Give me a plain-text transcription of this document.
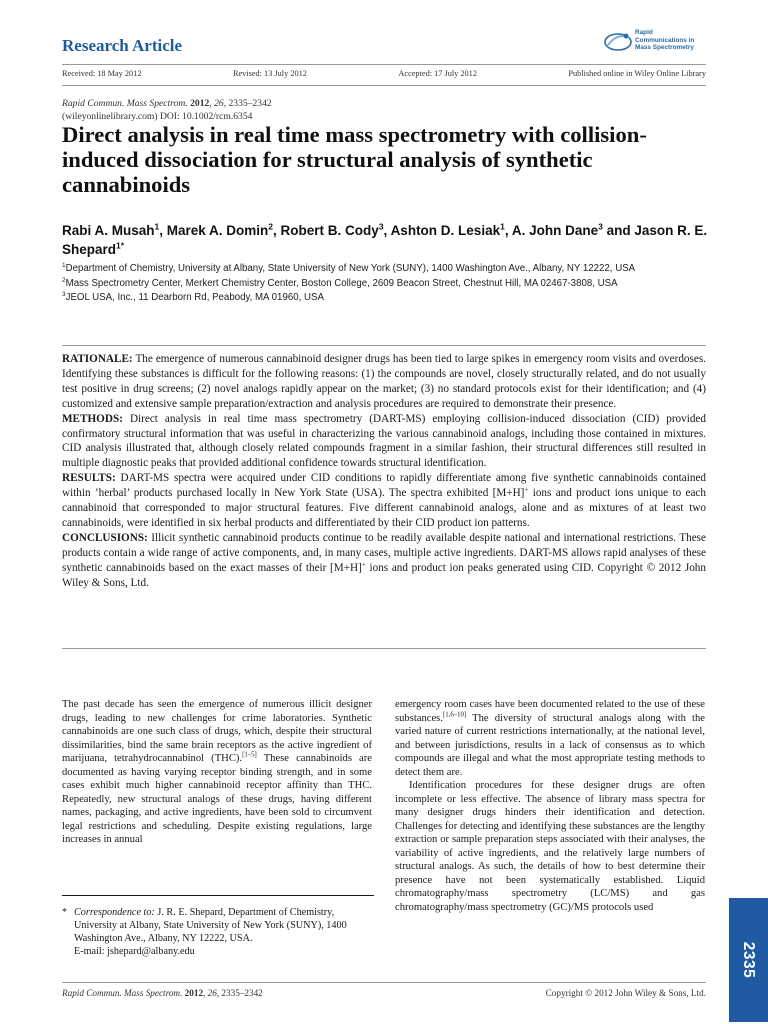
Research Article
Rapid
Communications in
Mass Spectrometry
Received: 18 May 2012	Revised: 13 July 2012	Accepted: 17 July 2012	Published online in Wiley Online Library
Rapid Commun. Mass Spectrom. 2012, 26, 2335–2342
(wileyonlinelibrary.com) DOI: 10.1002/rcm.6354
Direct analysis in real time mass spectrometry with collision-induced dissociation for structural analysis of synthetic cannabinoids
Rabi A. Musah$^1$, Marek A. Domin$^2$, Robert B. Cody$^3$, Ashton D. Lesiak$^1$, A. John Dane$^3$ and Jason R. E. Shepard$^{1*}$
$^1$Department of Chemistry, University at Albany, State University of New York (SUNY), 1400 Washington Ave., Albany, NY 12222, USA
$^2$Mass Spectrometry Center, Merkert Chemistry Center, Boston College, 2609 Beacon Street, Chestnut Hill, MA 02467-3808, USA
$^3$JEOL USA, Inc., 11 Dearborn Rd, Peabody, MA 01960, USA

RATIONALE: The emergence of numerous cannabinoid designer drugs has been tied to large spikes in emergency room visits and overdoses. Identifying these substances is difficult for the following reasons: (1) the compounds are novel, closely structurally related, and do not usually test positive in drug screens; (2) novel analogs rapidly appear on the market; (3) no standard protocols exist for their identification; and (4) customized and extensive sample preparation/extraction and analysis procedures are required to demonstrate their presence.

METHODS: Direct analysis in real time mass spectrometry (DART-MS) employing collision-induced dissociation (CID) provided confirmatory structural information that was useful in characterizing the various cannabinoid analogs, including those contained in mixtures. CID analysis illustrated that, although closely related compounds fragment in a similar fashion, their structural differences still resulted in multiple diagnostic peaks that provided additional confidence towards structural identification.

RESULTS: DART-MS spectra were acquired under CID conditions to rapidly differentiate among five synthetic cannabinoids contained within ’herbal’ products purchased locally in New York State (USA). The spectra exhibited [M+H]+ ions and product ions unique to each cannabinoid that corresponded to major structural features. Five different cannabinoid analogs, alone and as mixtures of at least two cannabinoids, were identified in six herbal products and differentiated by their CID product ion patterns.

CONCLUSIONS: Illicit synthetic cannabinoid products continue to be readily available despite national and international restrictions. These products contain a wide range of active components, and, in many cases, multiple active ingredients. DART-MS allows rapid analyses of these synthetic cannabinoids based on the exact masses of their [M+H]+ ions and product ion peaks generated using CID. Copyright © 2012 John Wiley & Sons, Ltd.

The past decade has seen the emergence of numerous illicit designer drugs, leading to new challenges for crime laboratories. Synthetic cannabinoids are one such class of drugs, which, despite their structural dissimilarities, bind the same brain receptors as the active ingredient of marijuana, tetrahydrocannabinol (THC).[1–5] These cannabinoids are documented as having varying receptor binding strength, and in some cases exhibit much higher cannabinoid receptor affinity than THC. Repeatedly, new structural analogs of these drugs, having different names, packaging, and active ingredients, have been sold to circumvent legal restrictions and scheduling. Despite existing regulations, large increases in annual

emergency room cases have been documented related to the use of these substances.[1,6–10] The diversity of structural analogs along with the varied nature of current restrictions internationally, at the national level, and between jurisdictions, results in a lack of consensus as to which compounds are illegal and what the most appropriate testing methods to detect them are.

Identification procedures for these designer drugs are often incomplete or less effective. The absence of library mass spectra for many designer drugs hinders their identification and detection. Challenges for detecting and identifying these substances are the lengthy extraction or sample preparation steps associated with their analyses, the variability of active ingredients, and the relatively large numbers of structural analogs. As such, the details of how to best determine their presence have not been systematically established. Liquid chromatography/mass spectrometry (LC/MS) and gas chromatography/mass spectrometry (GC)/MS protocols used

* Correspondence to: J. R. E. Shepard, Department of Chemistry, University at Albany, State University of New York (SUNY), 1400 Washington Ave., Albany, NY 12222, USA.
E-mail: jshepard@albany.edu
Rapid Commun. Mass Spectrom. 2012, 26, 2335–2342	Copyright © 2012 John Wiley & Sons, Ltd.
2335
